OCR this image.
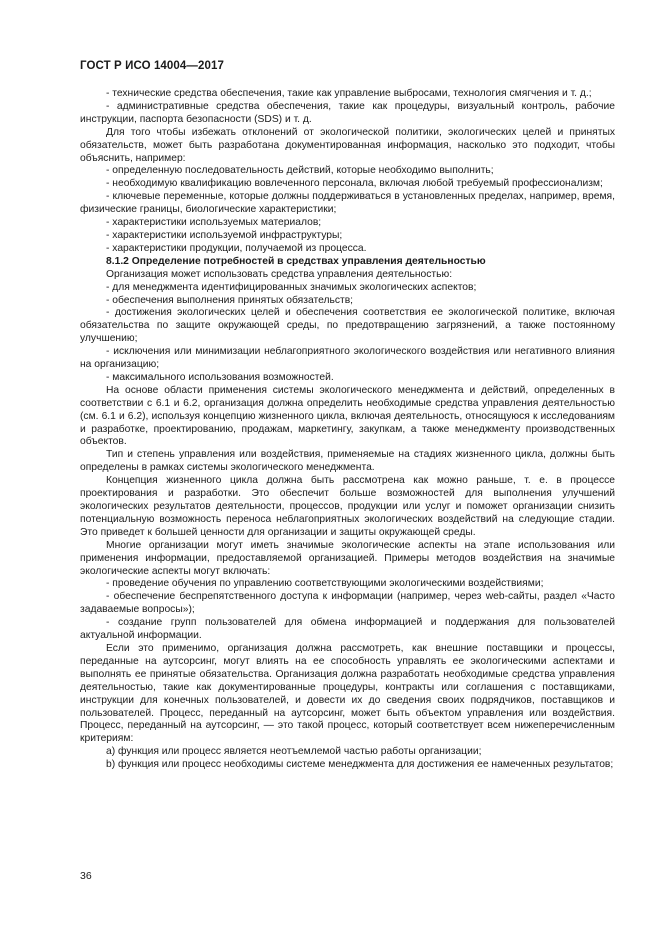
ГОСТ Р ИСО 14004—2017

- технические средства обеспечения, такие как управление выбросами, технология смягчения и т. д.;

- административные средства обеспечения, такие как процедуры, визуальный контроль, рабочие инструкции, паспорта безопасности (SDS) и т. д.

Для того чтобы избежать отклонений от экологической политики, экологических целей и принятых обязательств, может быть разработана документированная информация, насколько это подходит, чтобы объяснить, например:

- определенную последовательность действий, которые необходимо выполнить;

- необходимую квалификацию вовлеченного персонала, включая любой требуемый профессионализм;

- ключевые переменные, которые должны поддерживаться в установленных пределах, например, время, физические границы, биологические характеристики;

- характеристики используемых материалов;

- характеристики используемой инфраструктуры;

- характеристики продукции, получаемой из процесса.

8.1.2 Определение потребностей в средствах управления деятельностью

Организация может использовать средства управления деятельностью:

- для менеджмента идентифицированных значимых экологических аспектов;

- обеспечения выполнения принятых обязательств;

- достижения экологических целей и обеспечения соответствия ее экологической политике, включая обязательства по защите окружающей среды, по предотвращению загрязнений, а также постоянному улучшению;

- исключения или минимизации неблагоприятного экологического воздействия или негативного влияния на организацию;

- максимального использования возможностей.

На основе области применения системы экологического менеджмента и действий, определенных в соответствии с 6.1 и 6.2, организация должна определить необходимые средства управления деятельностью (см. 6.1 и 6.2), используя концепцию жизненного цикла, включая деятельность, относящуюся к исследованиям и разработке, проектированию, продажам, маркетингу, закупкам, а также менеджменту производственных объектов.

Тип и степень управления или воздействия, применяемые на стадиях жизненного цикла, должны быть определены в рамках системы экологического менеджмента.

Концепция жизненного цикла должна быть рассмотрена как можно раньше, т. е. в процессе проектирования и разработки. Это обеспечит больше возможностей для выполнения улучшений экологических результатов деятельности, процессов, продукции или услуг и поможет организации снизить потенциальную возможность переноса неблагоприятных экологических воздействий на следующие стадии. Это приведет к большей ценности для организации и защиты окружающей среды.

Многие организации могут иметь значимые экологические аспекты на этапе использования или применения информации, предоставляемой организацией. Примеры методов воздействия на значимые экологические аспекты могут включать:

- проведение обучения по управлению соответствующими экологическими воздействиями;

- обеспечение беспрепятственного доступа к информации (например, через web-сайты, раздел «Часто задаваемые вопросы»);

- создание групп пользователей для обмена информацией и поддержания для пользователей актуальной информации.

Если это применимо, организация должна рассмотреть, как внешние поставщики и процессы, переданные на аутсорсинг, могут влиять на ее способность управлять ее экологическими аспектами и выполнять ее принятые обязательства. Организация должна разработать необходимые средства управления деятельностью, такие как документированные процедуры, контракты или соглашения с поставщиками, инструкции для конечных пользователей, и довести их до сведения своих подрядчиков, поставщиков и пользователей. Процесс, переданный на аутсорсинг, может быть объектом управления или воздействия. Процесс, переданный на аутсорсинг, — это такой процесс, который соответствует всем нижеперечисленным критериям:

a) функция или процесс является неотъемлемой частью работы организации;

b) функция или процесс необходимы системе менеджмента для достижения ее намеченных результатов;

36
